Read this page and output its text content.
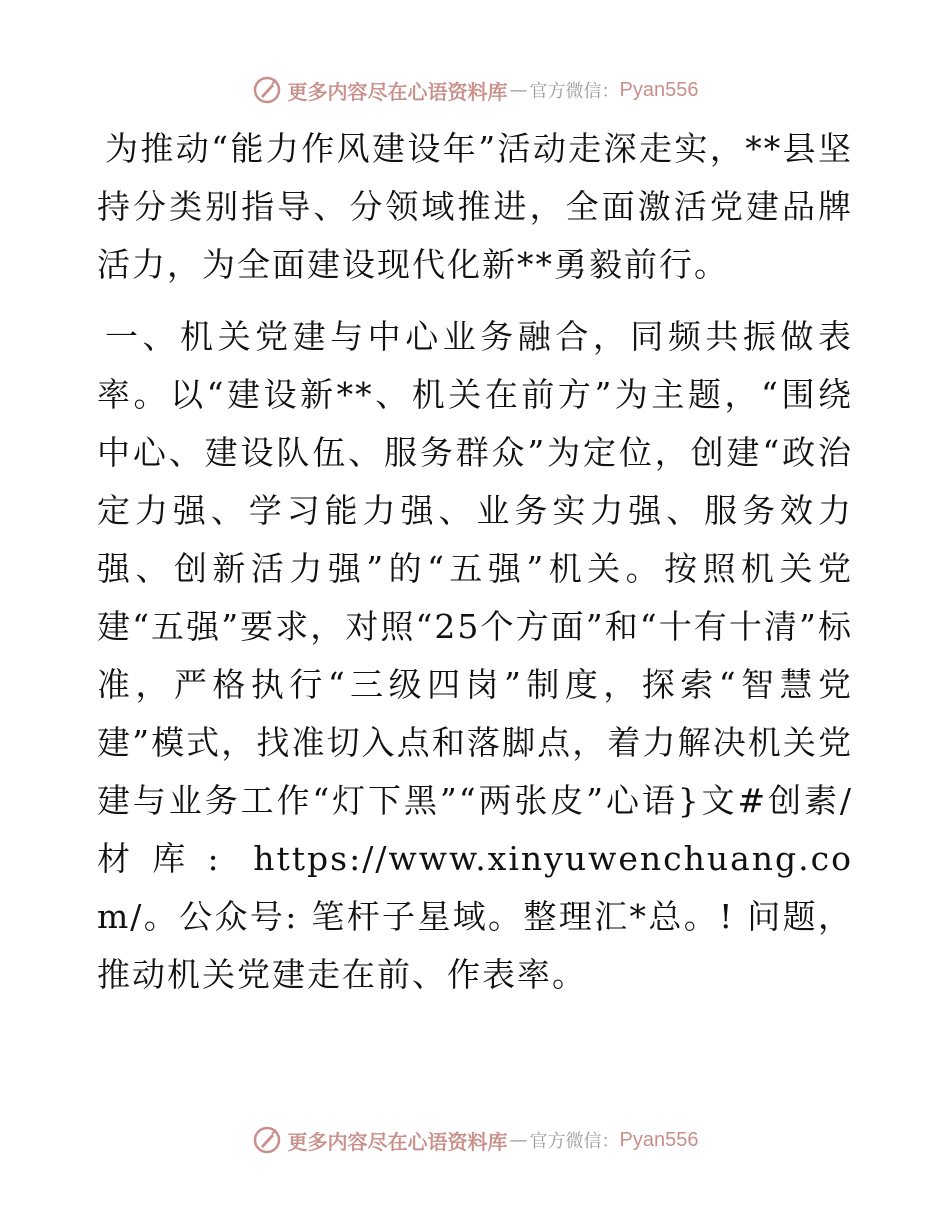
更多内容尽在心语资料库 — 官方微信： Pyan556

为推动“能力作风建设年”活动走深走实，**县坚持分类别指导、分领域推进，全面激活党建品牌活力，为全面建设现代化新**勇毅前行。

一、机关党建与中心业务融合，同频共振做表率。以“建设新**、机关在前方”为主题，“围绕中心、建设队伍、服务群众”为定位，创建“政治定力强、学习能力强、业务实力强、服务效力强、创新活力强”的“五强”机关。按照机关党建“五强”要求，对照“25个方面”和“十有十清”标准，严格执行“三级四岗”制度，探索“智慧党建”模式，找准切入点和落脚点，着力解决机关党建与业务工作“灯下黑”“两张皮”心语}文#创素/材库: https://www.xinyuwenchuang.com/。公众号: 笔杆子星域。整理汇*总。! 问题，推动机关党建走在前、作表率。

更多内容尽在心语资料库 — 官方微信： Pyan556
